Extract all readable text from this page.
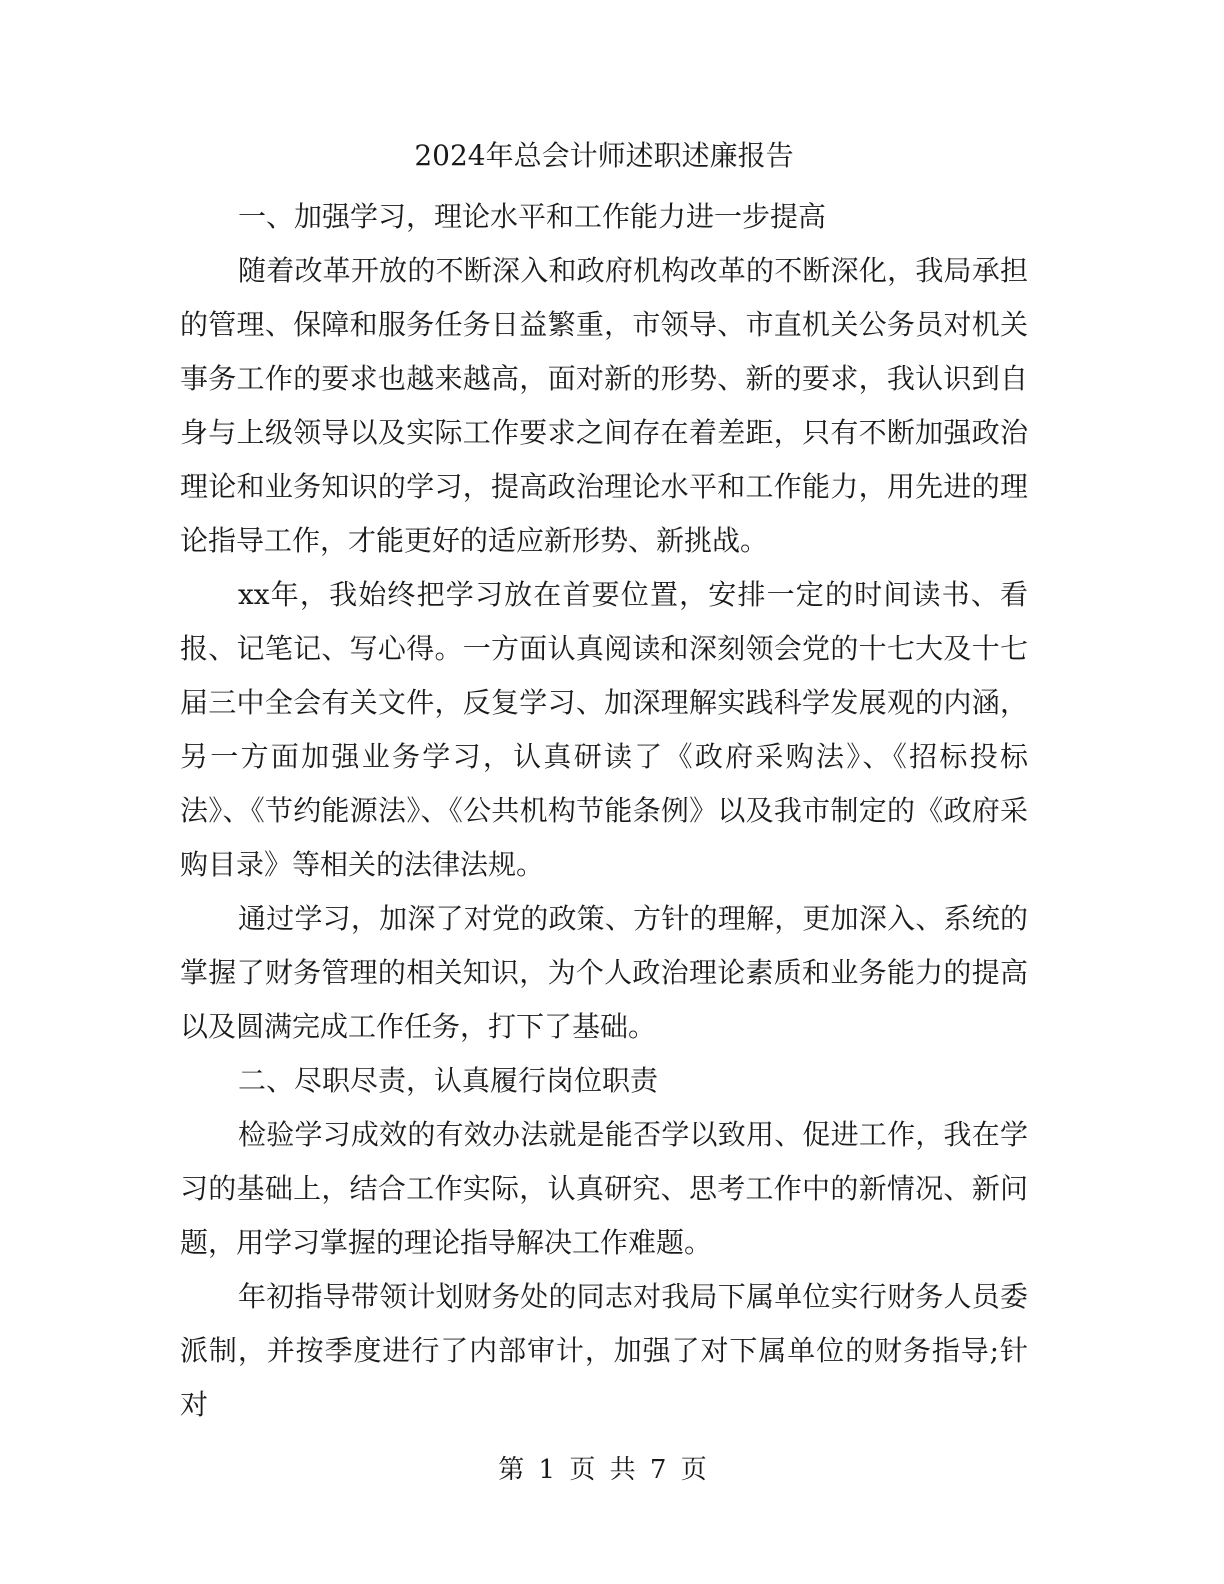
2024年总会计师述职述廉报告

一、加强学习，理论水平和工作能力进一步提高

随着改革开放的不断深入和政府机构改革的不断深化，我局承担的管理、保障和服务任务日益繁重，市领导、市直机关公务员对机关事务工作的要求也越来越高，面对新的形势、新的要求，我认识到自身与上级领导以及实际工作要求之间存在着差距，只有不断加强政治理论和业务知识的学习，提高政治理论水平和工作能力，用先进的理论指导工作，才能更好的适应新形势、新挑战。

xx年，我始终把学习放在首要位置，安排一定的时间读书、看报、记笔记、写心得。一方面认真阅读和深刻领会党的十七大及十七届三中全会有关文件，反复学习、加深理解实践科学发展观的内涵，另一方面加强业务学习，认真研读了《政府采购法》、《招标投标法》、《节约能源法》、《公共机构节能条例》以及我市制定的《政府采购目录》等相关的法律法规。

通过学习，加深了对党的政策、方针的理解，更加深入、系统的掌握了财务管理的相关知识，为个人政治理论素质和业务能力的提高以及圆满完成工作任务，打下了基础。

二、尽职尽责，认真履行岗位职责

检验学习成效的有效办法就是能否学以致用、促进工作，我在学习的基础上，结合工作实际，认真研究、思考工作中的新情况、新问题，用学习掌握的理论指导解决工作难题。

年初指导带领计划财务处的同志对我局下属单位实行财务人员委派制，并按季度进行了内部审计，加强了对下属单位的财务指导;针对

第 1 页 共 7 页
